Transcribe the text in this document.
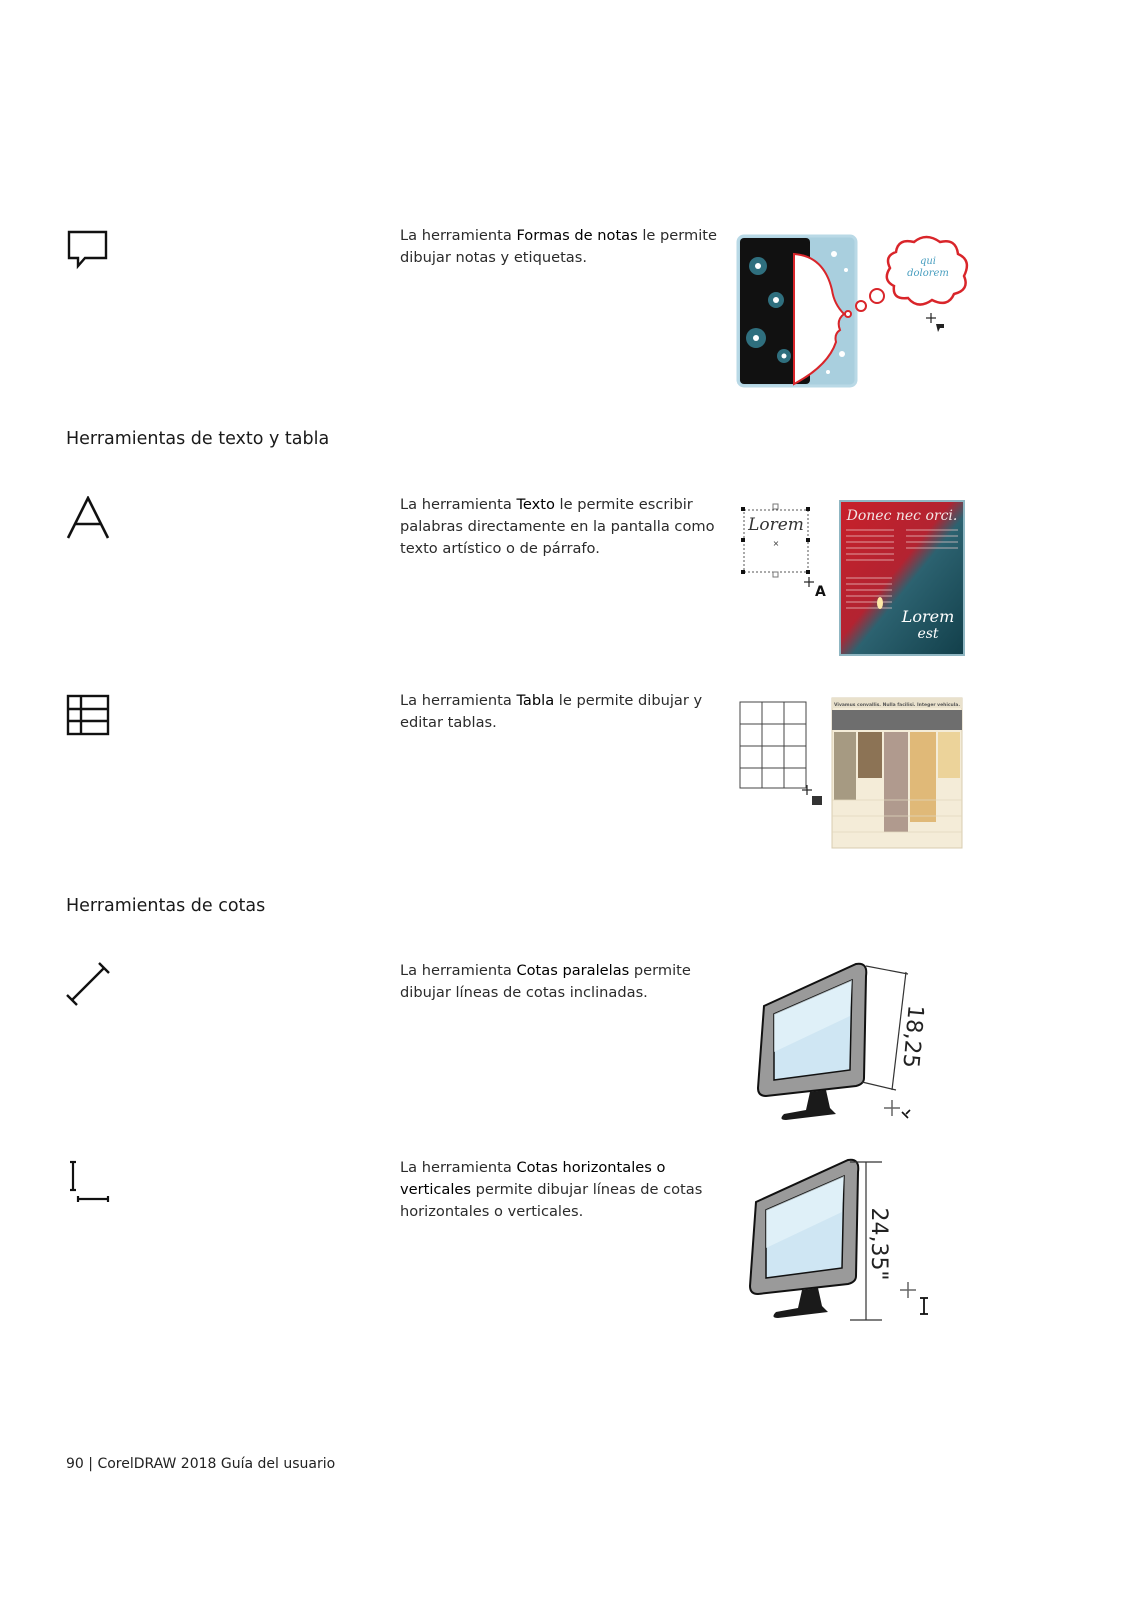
La herramienta Formas de notas le permite dibujar notas y etiquetas.	qui
dolorem
Herramientas de texto y tabla
La herramienta Texto le permite escribir palabras directamente en la pantalla como texto artístico o de párrafo.
Lorem
×
A
Donec nec orci.
Lorem
est
La herramienta Tabla le permite dibujar y editar tablas.
Vivamus convallis. Nulla facilisi. Integer vehicula.
Herramientas de cotas
La herramienta Cotas paralelas permite dibujar líneas de cotas inclinadas.
18,25
La herramienta Cotas horizontales o verticales permite dibujar líneas de cotas horizontales o verticales.	24,35"
90 | CorelDRAW 2018 Guía del usuario
